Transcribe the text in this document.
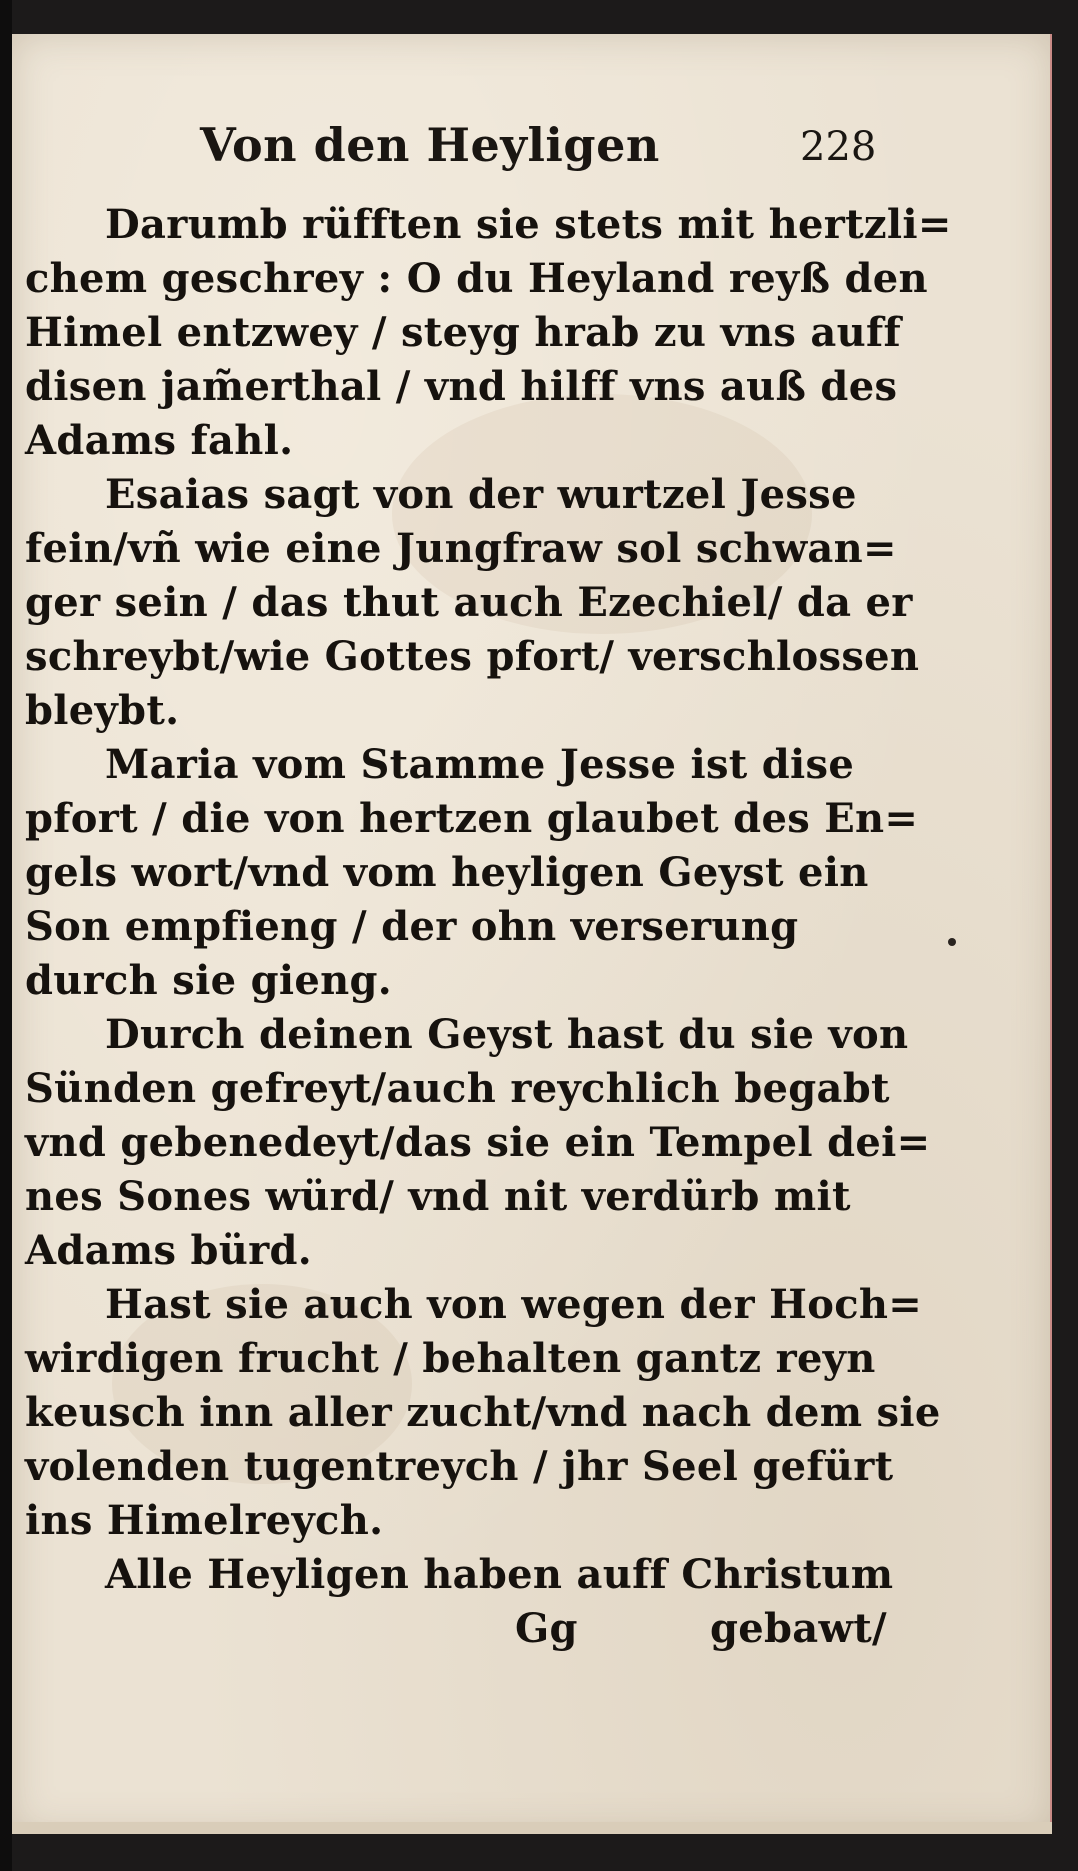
Von den Heyligen	228
Darumb rüfften sie stets mit hertzli=
chem geschrey : O du Heyland reyß den
Himel entzwey / steyg hrab zu vns auff
disen jam̃erthal / vnd hilff vns auß des
Adams fahl.
Esaias sagt von der wurtzel Jesse
fein/vñ wie eine Jungfraw sol schwan=
ger sein / das thut auch Ezechiel/ da er
schreybt/wie Gottes pfort/ verschlossen
bleybt.
Maria vom Stamme Jesse ist dise
pfort / die von hertzen glaubet des En=
gels wort/vnd vom heyligen Geyst ein
Son empfieng / der ohn verserung
durch sie gieng.
Durch deinen Geyst hast du sie von
Sünden gefreyt/auch reychlich begabt
vnd gebenedeyt/das sie ein Tempel dei=
nes Sones würd/ vnd nit verdürb mit
Adams bürd.
Hast sie auch von wegen der Hoch=
wirdigen frucht / behalten gantz reyn
keusch inn aller zucht/vnd nach dem sie
volenden tugentreych / jhr Seel gefürt
ins Himelreych.
Alle Heyligen haben auff Christum
Gg	gebawt/
